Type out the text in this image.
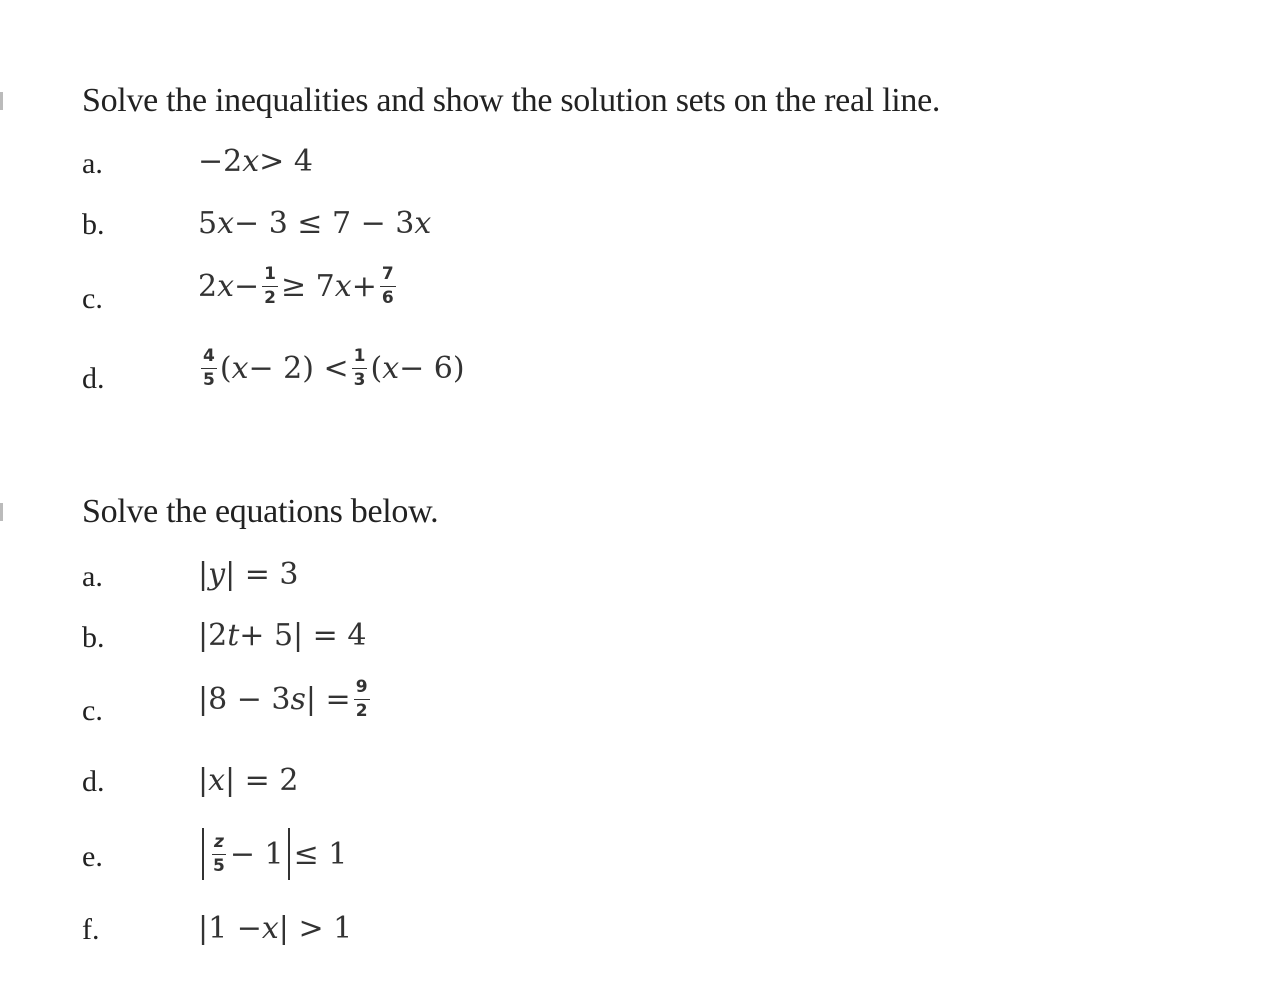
Solve the inequalities and show the solution sets on the real line.
a.	−2 x > 4
b.	5 x − 3 ≤ 7 − 3 x
c.	2 $x - \frac{1}{2} \ge 7$ $x + \frac{7}{6}$
d.	$\frac{4}{5}$ ( $x - 2) < \frac{1}{3}$ ( x − 6)
Solve the equations below.
a.	| y | = 3
b.	|2 t + 5| = 4
c.	|8 − 3 s | = $\frac{9}{2}$
d.	| x | = 2
e.	$\frac{z}{5} - 1 \le 1$
f.	|1 − x | > 1
